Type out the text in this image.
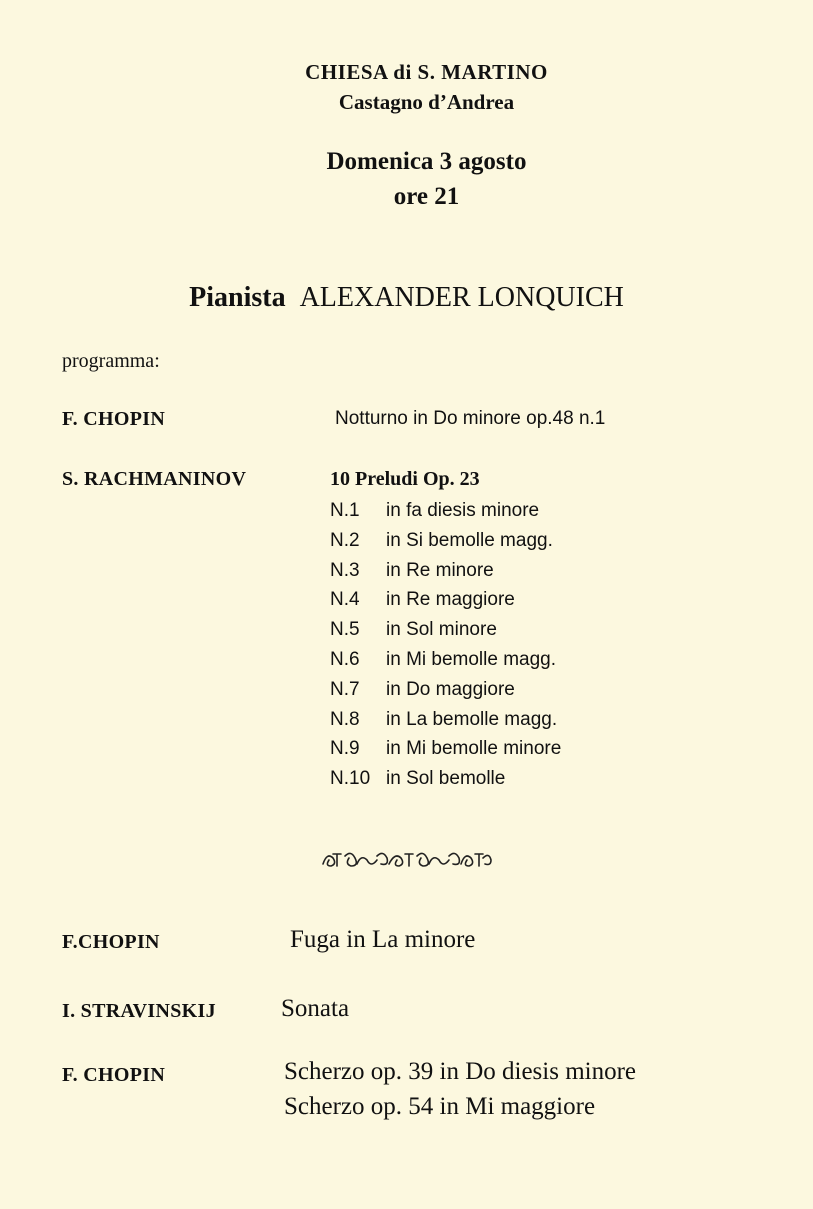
CHIESA di S. MARTINO
Castagno d’Andrea
Domenica 3 agosto
ore 21
Pianista ALEXANDER LONQUICH
programma:
F. CHOPIN	Notturno in Do minore op.48 n.1
S. RACHMANINOV	10 Preludi Op. 23
N.1	in fa diesis minore
N.2	in Si bemolle magg.
N.3	in Re minore
N.4	in Re maggiore
N.5	in Sol minore
N.6	in Mi bemolle magg.
N.7	in Do maggiore
N.8	in La bemolle magg.
N.9	in Mi bemolle minore
N.10 in Sol bemolle
F.CHOPIN	Fuga in La minore
I. STRAVINSKIJ	Sonata
F. CHOPIN	Scherzo op. 39 in Do diesis minore
Scherzo op. 54 in Mi maggiore
